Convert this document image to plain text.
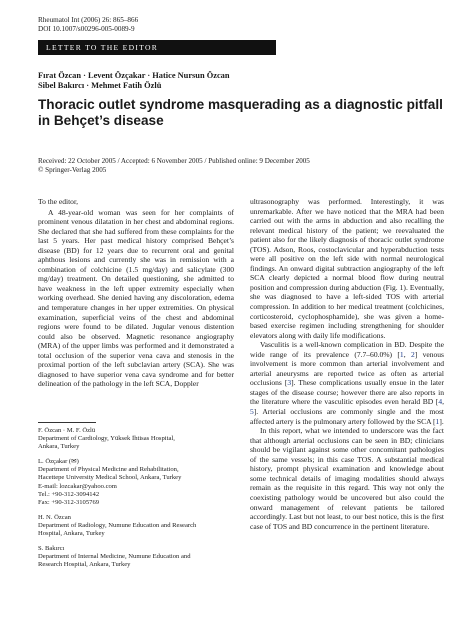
Rheumatol Int (2006) 26: 865–866
DOI 10.1007/s00296-005-0089-9
LETTER TO THE EDITOR
Fırat Özcan · Levent Özçakar · Hatice Nursun Özcan
Sibel Bakırcı · Mehmet Fatih Özlü
Thoracic outlet syndrome masquerading as a diagnostic pitfall
in Behçet’s disease
Received: 22 October 2005 / Accepted: 6 November 2005 / Published online: 9 December 2005
© Springer-Verlag 2005

To the editor,

A 48-year-old woman was seen for her complaints of prominent venous dilatation in her chest and abdominal regions. She declared that she had suffered from these complaints for the last 5 years. Her past medical history comprised Behçet’s disease (BD) for 12 years due to recurrent oral and genital aphthous lesions and currently she was in remission with a combination of colchicine (1.5 mg/day) and salicylate (300 mg/day) treatment. On detailed questioning, she admitted to have weakness in the left upper extremity especially when working overhead. She denied having any discoloration, edema and temperature changes in her upper extremities. On physical examination, superficial veins of the chest and abdominal regions were found to be dilated. Jugular venous distention could also be observed. Magnetic resonance angiography (MRA) of the upper limbs was performed and it demonstrated a total occlusion of the superior vena cava and stenosis in the proximal portion of the left subclavian artery (SCA). She was diagnosed to have superior vena cava syndrome and for better delineation of the pathology in the left SCA, Doppler

F. Özcan · M. F. Özlü
Department of Cardiology, Yüksek İhtisas Hospital,
Ankara, Turkey
L. Özçakar (✉)
Department of Physical Medicine and Rehabilitation,
Hacettepe University Medical School, Ankara, Turkey
E-mail: lozcakar@yahoo.com
Tel.: +90-312-3094142
Fax: +90-312-3105769
H. N. Özcan
Department of Radiology, Numune Education and Research
Hospital, Ankara, Turkey
S. Bakırcı
Department of Internal Medicine, Numune Education and
Research Hospital, Ankara, Turkey

ultrasonography was performed. Interestingly, it was unremarkable. After we have noticed that the MRA had been carried out with the arms in abduction and also recalling the relevant medical history of the patient; we reevaluated the patient also for the likely diagnosis of thoracic outlet syndrome (TOS). Adson, Roos, costoclavicular and hyperabduction tests were all positive on the left side with normal neurological findings. An onward digital subtraction angiography of the left SCA clearly depicted a normal blood flow during neutral position and compression during abduction (Fig. 1). Eventually, she was diagnosed to have a left-sided TOS with arterial compression. In addition to her medical treatment (colchicines, corticosteroid, cyclophosphamide), she was given a home-based exercise regimen including strengthening for shoulder elevators along with daily life modifications.

Vasculitis is a well-known complication in BD. Despite the wide range of its prevalence (7.7–60.0%) [1, 2] venous involvement is more common than arterial involvement and arterial aneurysms are reported twice as often as arterial occlusions [3]. These complications usually ensue in the later stages of the disease course; however there are also reports in the literature where the vasculitic episodes even herald BD [4, 5]. Arterial occlusions are commonly single and the most affected artery is the pulmonary artery followed by the SCA [1].

In this report, what we intended to underscore was the fact that although arterial occlusions can be seen in BD; clinicians should be vigilant against some other concomitant pathologies of the same vessels; in this case TOS. A substantial medical history, prompt physical examination and knowledge about some technical details of imaging modalities should always remain as the requisite in this regard. This way not only the coexisting pathology would be uncovered but also could the onward management of relevant patients be tailored accordingly. Last but not least, to our best notice, this is the first case of TOS and BD concurrence in the pertinent literature.
